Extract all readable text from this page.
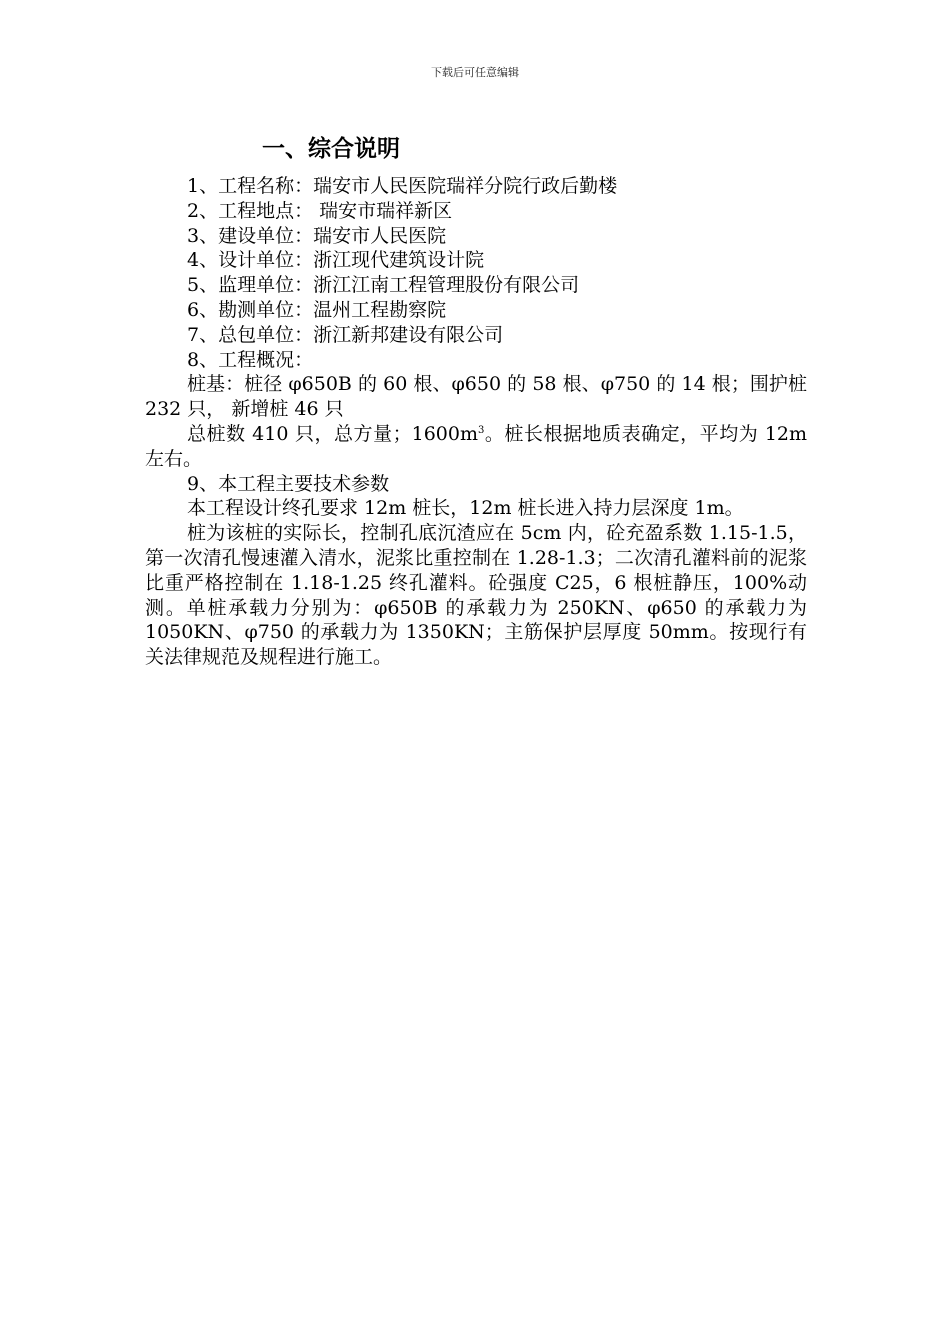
下载后可任意编辑
一、综合说明

1、工程名称：瑞安市人民医院瑞祥分院行政后勤楼

2、工程地点： 瑞安市瑞祥新区

3、建设单位：瑞安市人民医院

4、设计单位：浙江现代建筑设计院

5、监理单位：浙江江南工程管理股份有限公司

6、勘测单位：温州工程勘察院

7、总包单位：浙江新邦建设有限公司

8、工程概况：

桩基：桩径 φ650B 的 60 根、φ650 的 58 根、φ750 的 14 根；围护桩 232 只， 新增桩 46 只

总桩数 410 只，总方量；$1600m^3$。桩长根据地质表确定，平均为 12m 左右。

9、本工程主要技术参数

本工程设计终孔要求 12m 桩长，12m 桩长进入持力层深度 1m。

桩为该桩的实际长，控制孔底沉渣应在 5cm 内，砼充盈系数 1.15-1.5，第一次清孔慢速灌入清水，泥浆比重控制在 1.28-1.3；二次清孔灌料前的泥浆比重严格控制在 1.18-1.25 终孔灌料。砼强度 C25，6 根桩静压，100%动测。单桩承载力分别为：φ650B 的承载力为 250KN、φ650 的承载力为 1050KN、φ750 的承载力为 1350KN；主筋保护层厚度 50mm。按现行有关法律规范及规程进行施工。
